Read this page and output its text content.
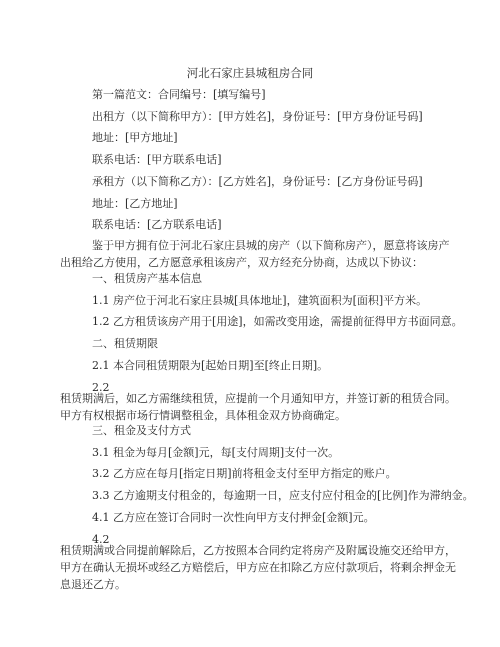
河北石家庄县城租房合同
第一篇范文：合同编号：[填写编号]
出租方（以下简称甲方）：[甲方姓名]，身份证号：[甲方身份证号码]
地址：[甲方地址]
联系电话：[甲方联系电话]
承租方（以下简称乙方）：[乙方姓名]，身份证号：[乙方身份证号码]
地址：[乙方地址]
联系电话：[乙方联系电话]
鉴于甲方拥有位于河北石家庄县城的房产（以下简称房产），愿意将该房产出租给乙方使用，乙方愿意承租该房产，双方经充分协商，达成以下协议：
一、租赁房产基本信息
1.1 房产位于河北石家庄县城[具体地址]，建筑面积为[面积]平方米。
1.2 乙方租赁该房产用于[用途]，如需改变用途，需提前征得甲方书面同意。
二、租赁期限
2.1 本合同租赁期限为[起始日期]至[终止日期]。
2.2
租赁期满后，如乙方需继续租赁，应提前一个月通知甲方，并签订新的租赁合同。甲方有权根据市场行情调整租金，具体租金双方协商确定。
三、租金及支付方式
3.1 租金为每月[金额]元，每[支付周期]支付一次。
3.2 乙方应在每月[指定日期]前将租金支付至甲方指定的账户。
3.3 乙方逾期支付租金的，每逾期一日，应支付应付租金的[比例]作为滞纳金。
4.1 乙方应在签订合同时一次性向甲方支付押金[金额]元。
4.2
租赁期满或合同提前解除后，乙方按照本合同约定将房产及附属设施交还给甲方，甲方在确认无损坏或经乙方赔偿后，甲方应在扣除乙方应付款项后，将剩余押金无息退还乙方。
